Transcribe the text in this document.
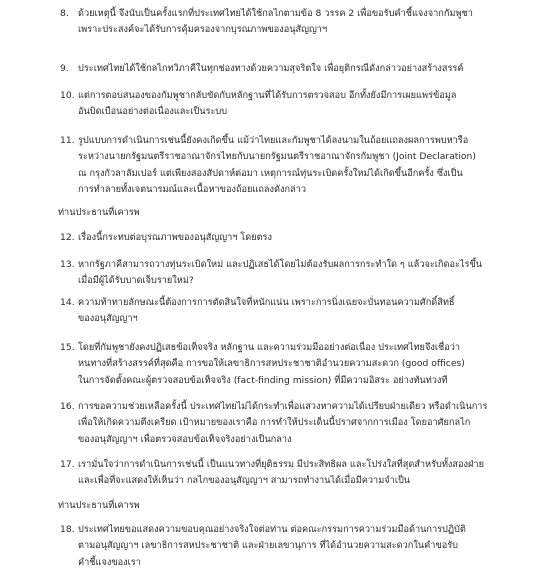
8. ด้วยเหตุนี้ จึงนับเป็นครั้งแรกที่ประเทศไทยได้ใช้กลไกตามข้อ 8 วรรค 2 เพื่อขอรับคำชี้แจงจากกัมพูชา
เพราะประสงค์จะได้รับการคุ้มครองจากบุรณภาพของอนุสัญญาฯ
9. ประเทศไทยได้ใช้กลไกทวิภาคีในทุกช่องทางด้วยความสุจริตใจ เพื่อยุติกรณีดังกล่าวอย่างสร้างสรรค์
10. แต่การตอบสนองของกัมพูชากลับขัดกับหลักฐานที่ได้รับการตรวจสอบ อีกทั้งยังมีการเผยแพร่ข้อมูล
อันบิดเบือนอย่างต่อเนื่องและเป็นระบบ
11. รูปแบบการดำเนินการเช่นนี้ยังคงเกิดขึ้น แม้ว่าไทยและกัมพูชาได้ลงนามในถ้อยแถลงผลการพบหารือ
ระหว่างนายกรัฐมนตรีราชอาณาจักรไทยกับนายกรัฐมนตรีราชอาณาจักรกัมพูชา (Joint Declaration)
ณ กรุงกัวลาลัมเปอร์ แต่เพียงสองสัปดาห์ต่อมา เหตุการณ์ทุ่นระเบิดครั้งใหม่ได้เกิดขึ้นอีกครั้ง ซึ่งเป็น
การทำลายทั้งเจตนารมณ์และเนื้อหาของถ้อยแถลงดังกล่าว
ท่านประธานที่เคารพ
12. เรื่องนี้กระทบต่อบุรณภาพของอนุสัญญาฯ โดยตรง
13. หากรัฐภาคีสามารถวางทุ่นระเบิดใหม่ และปฏิเสธได้โดยไม่ต้องรับผลการกระทำใด ๆ แล้วจะเกิดอะไรขึ้น
เมื่อมีผู้ได้รับบาดเจ็บรายใหม่?
14. ความท้าทายลักษณะนี้ต้องการการตัดสินใจที่หนักแน่น เพราะการนิ่งเฉยจะบั่นทอนความศักดิ์สิทธิ์
ของอนุสัญญาฯ
15. โดยที่กัมพูชายังคงปฏิเสธข้อเท็จจริง หลักฐาน และความร่วมมืออย่างต่อเนื่อง ประเทศไทยจึงเชื่อว่า
หนทางที่สร้างสรรค์ที่สุดคือ การขอให้เลขาธิการสหประชาชาติอำนวยความสะดวก (good offices)
ในการจัดตั้งคณะผู้ตรวจสอบข้อเท็จจริง (fact-finding mission) ที่มีความอิสระ อย่างทันท่วงที
16. การขอความช่วยเหลือครั้งนี้ ประเทศไทยไม่ได้กระทำเพื่อแสวงหาความได้เปรียบฝ่ายเดียว หรือดำเนินการ
เพื่อให้เกิดความตึงเครียด เป้าหมายของเราคือ การทำให้ประเด็นนี้ปราศจากการเมือง โดยอาศัยกลไก
ของอนุสัญญาฯ เพื่อตรวจสอบข้อเท็จจริงอย่างเป็นกลาง
17. เรามั่นใจว่าการดำเนินการเช่นนี้ เป็นแนวทางที่ยุติธรรม มีประสิทธิผล และโปร่งใสที่สุดสำหรับทั้งสองฝ่าย
และเพื่อที่จะแสดงให้เห็นว่า กลไกของอนุสัญญาฯ สามารถทำงานได้เมื่อมีความจำเป็น
ท่านประธานที่เคารพ
18. ประเทศไทยขอแสดงความขอบคุณอย่างจริงใจต่อท่าน ต่อคณะกรรมการความร่วมมือด้านการปฏิบัติ
ตามอนุสัญญาฯ เลขาธิการสหประชาชาติ และฝ่ายเลขานุการ ที่ได้อำนวยความสะดวกในคำขอรับ
คำชี้แจงของเรา
